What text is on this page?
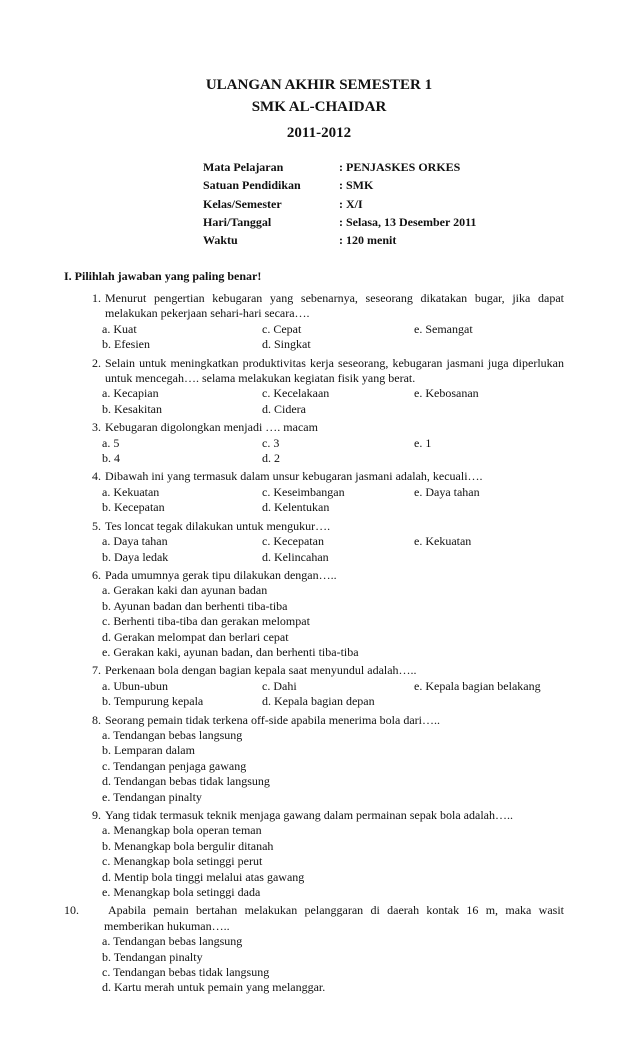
ULANGAN AKHIR SEMESTER 1
SMK AL-CHAIDAR
2011-2012
Mata Pelajaran	: PENJASKES ORKES
Satuan Pendidikan	: SMK
Kelas/Semester	: X/I
Hari/Tanggal	: Selasa, 13 Desember 2011
Waktu	: 120 menit
I. Pilihlah jawaban yang paling benar!
1. Menurut pengertian kebugaran yang sebenarnya, seseorang dikatakan bugar, jika dapat melakukan pekerjaan sehari-hari secara….
a. Kuat	c. Cepat	e. Semangat
b. Efesien	d. Singkat
2. Selain untuk meningkatkan produktivitas kerja seseorang, kebugaran jasmani juga diperlukan untuk mencegah…. selama melakukan kegiatan fisik yang berat.
a. Kecapian	c. Kecelakaan	e. Kebosanan
b. Kesakitan	d. Cidera
3. Kebugaran digolongkan menjadi …. macam
a. 5	c. 3	e. 1
b. 4	d. 2
4. Dibawah ini yang termasuk dalam unsur kebugaran jasmani adalah, kecuali….
a. Kekuatan	c. Keseimbangan	e. Daya tahan
b. Kecepatan	d. Kelentukan
5. Tes loncat tegak dilakukan untuk mengukur….
a. Daya tahan	c. Kecepatan	e. Kekuatan
b. Daya ledak	d. Kelincahan
6. Pada umumnya gerak tipu dilakukan dengan…..
a. Gerakan kaki dan ayunan badan
b. Ayunan badan dan berhenti tiba-tiba
c. Berhenti tiba-tiba dan gerakan melompat
d. Gerakan melompat dan berlari cepat
e. Gerakan kaki, ayunan badan, dan berhenti tiba-tiba
7. Perkenaan bola dengan bagian kepala saat menyundul adalah…..
a. Ubun-ubun	c. Dahi	e. Kepala bagian belakang
b. Tempurung kepala	d. Kepala bagian depan
8. Seorang pemain tidak terkena off-side apabila menerima bola dari…..
a. Tendangan bebas langsung
b. Lemparan dalam
c. Tendangan penjaga gawang
d. Tendangan bebas tidak langsung
e. Tendangan pinalty
9. Yang tidak termasuk teknik menjaga gawang dalam permainan sepak bola adalah…..
a. Menangkap bola operan teman
b. Menangkap bola bergulir ditanah
c. Menangkap bola setinggi perut
d. Mentip bola tinggi melalui atas gawang
e. Menangkap bola setinggi dada
10.	Apabila pemain bertahan melakukan pelanggaran di daerah kontak 16 m, maka wasit memberikan hukuman…..
a. Tendangan bebas langsung
b. Tendangan pinalty
c. Tendangan bebas tidak langsung
d. Kartu merah untuk pemain yang melanggar.
